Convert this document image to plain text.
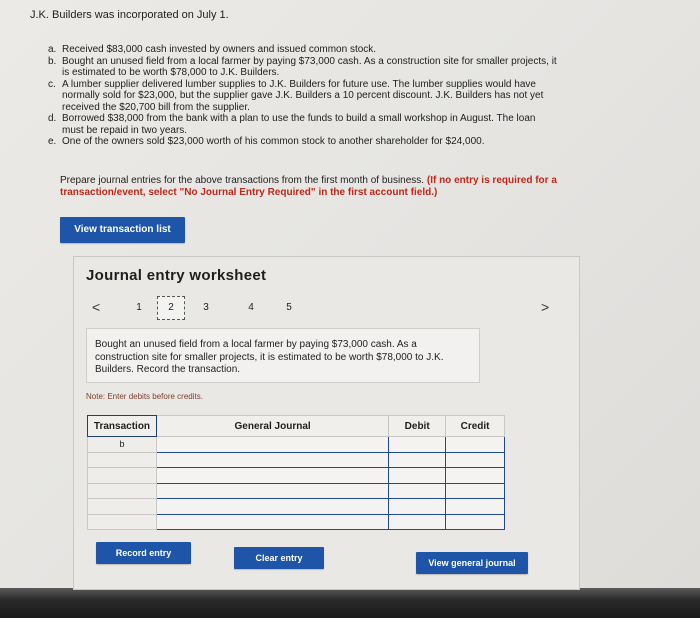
J.K. Builders was incorporated on July 1.
a. Received $83,000 cash invested by owners and issued common stock.
b. Bought an unused field from a local farmer by paying $73,000 cash. As a construction site for smaller projects, it is estimated to be worth $78,000 to J.K. Builders.
c. A lumber supplier delivered lumber supplies to J.K. Builders for future use. The lumber supplies would have normally sold for $23,000, but the supplier gave J.K. Builders a 10 percent discount. J.K. Builders has not yet received the $20,700 bill from the supplier.
d. Borrowed $38,000 from the bank with a plan to use the funds to build a small workshop in August. The loan must be repaid in two years.
e. One of the owners sold $23,000 worth of his common stock to another shareholder for $24,000.
Prepare journal entries for the above transactions from the first month of business. (If no entry is required for a transaction/event, select "No Journal Entry Required" in the first account field.)
View transaction list
Journal entry worksheet
<	1	2	3	4	5	>
Bought an unused field from a local farmer by paying $73,000 cash. As a construction site for smaller projects, it is estimated to be worth $78,000 to J.K. Builders. Record the transaction.
Note: Enter debits before credits.
Transaction	General Journal	Debit	Credit
b			

Record entry	Clear entry	View general journal
